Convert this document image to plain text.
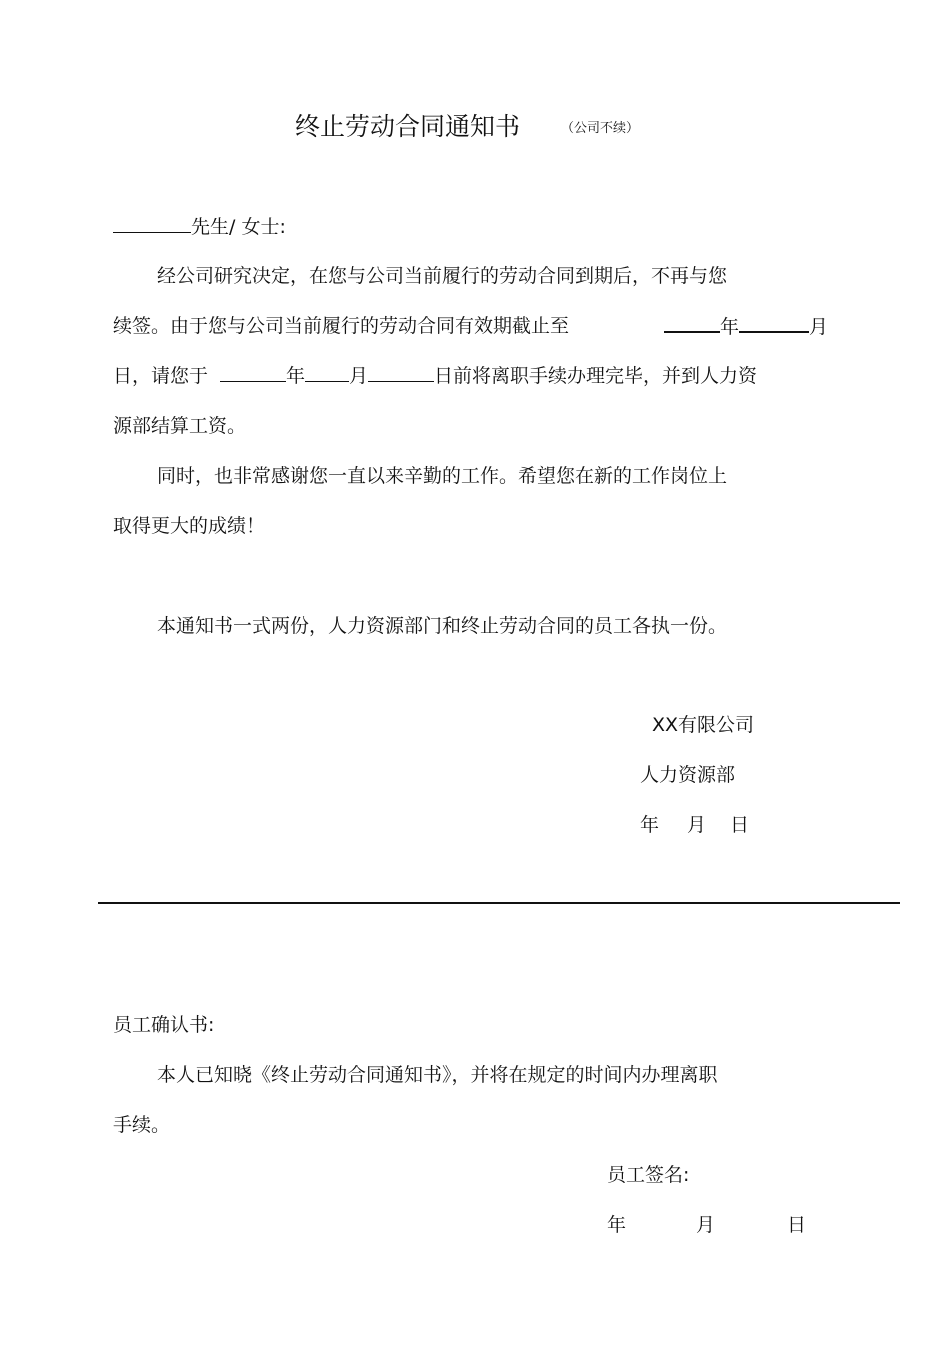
终止劳动合同通知书	（公司不续）
先生/ 女士:
经公司研究决定，在您与公司当前履行的劳动合同到期后，不再与您
续签。由于您与公司当前履行的劳动合同有效期截止至	年	月
日，请您于	年 月	日前将离职手续办理完毕，并到人力资
源部结算工资。
同时，也非常感谢您一直以来辛勤的工作。希望您在新的工作岗位上
取得更大的成绩！
本通知书一式两份，人力资源部门和终止劳动合同的员工各执一份。
XX有限公司
人力资源部
年 月 日
员工确认书:
本人已知晓《终止劳动合同通知书》，并将在规定的时间内办理离职
手续。
员工签名:
年	月	日
